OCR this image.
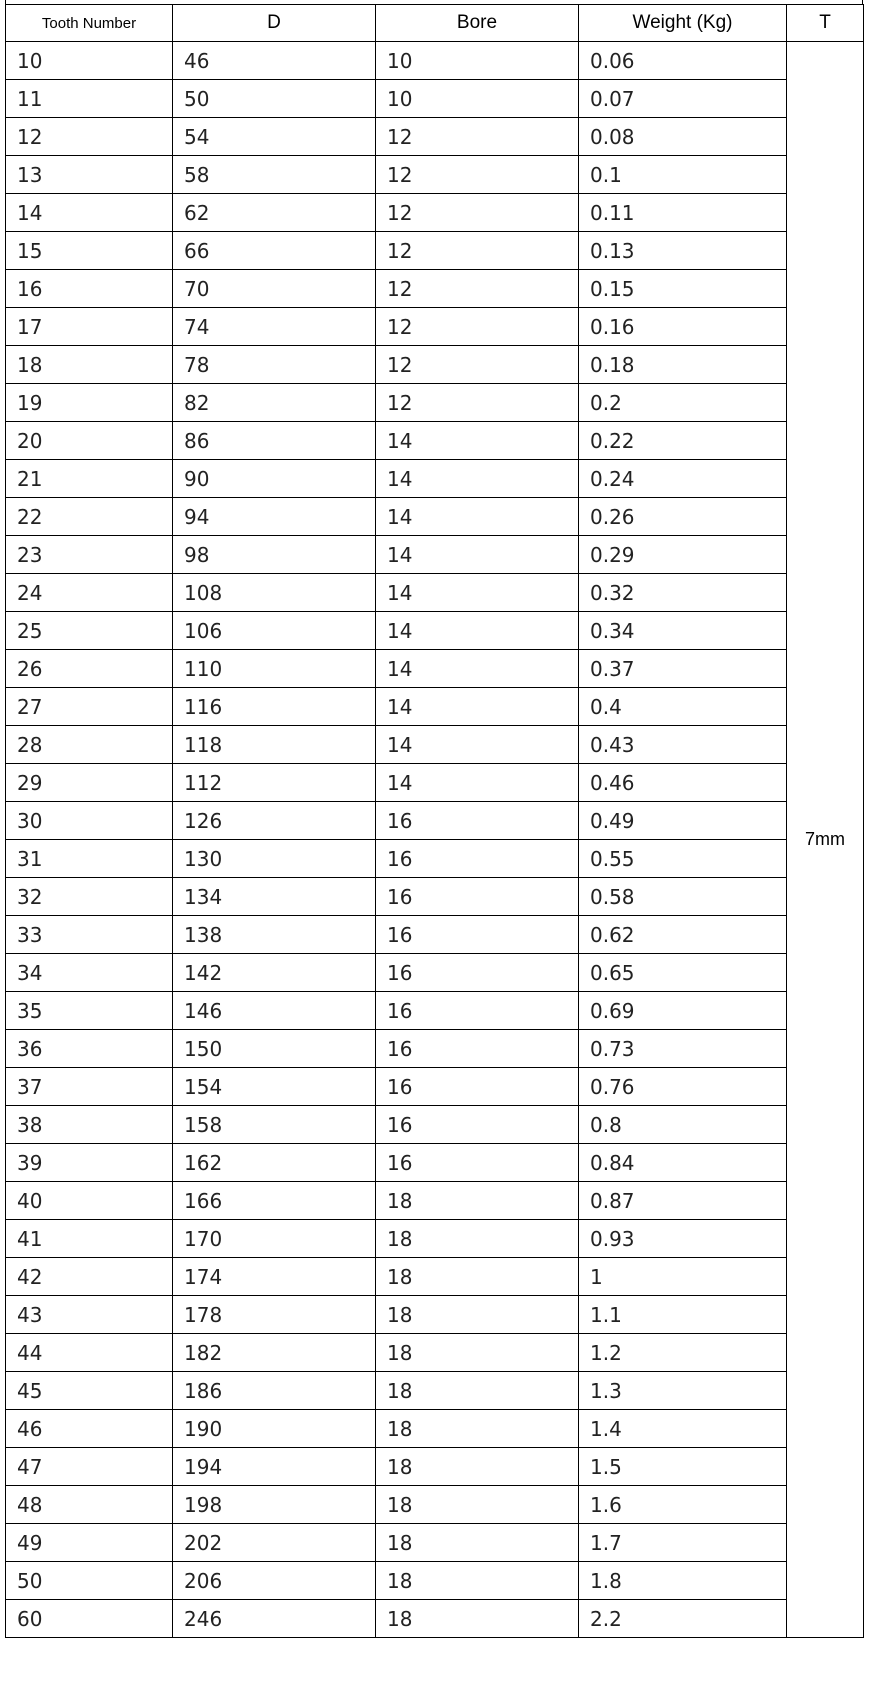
Tooth Number	D	Bore	Weight (Kg)	T
10	46	10	0.06	7mm
11	50	10	0.07	
12	54	12	0.08	
13	58	12	0.1	
14	62	12	0.11	
15	66	12	0.13	
16	70	12	0.15	
17	74	12	0.16	
18	78	12	0.18	
19	82	12	0.2	
20	86	14	0.22	
21	90	14	0.24	
22	94	14	0.26	
23	98	14	0.29	
24	108	14	0.32	
25	106	14	0.34	
26	110	14	0.37	
27	116	14	0.4	
28	118	14	0.43	
29	112	14	0.46	
30	126	16	0.49	
31	130	16	0.55	
32	134	16	0.58	
33	138	16	0.62	
34	142	16	0.65	
35	146	16	0.69	
36	150	16	0.73	
37	154	16	0.76	
38	158	16	0.8	
39	162	16	0.84	
40	166	18	0.87	
41	170	18	0.93	
42	174	18	1	
43	178	18	1.1	
44	182	18	1.2	
45	186	18	1.3	
46	190	18	1.4	
47	194	18	1.5	
48	198	18	1.6	
49	202	18	1.7	
50	206	18	1.8	
60	246	18	2.2	
